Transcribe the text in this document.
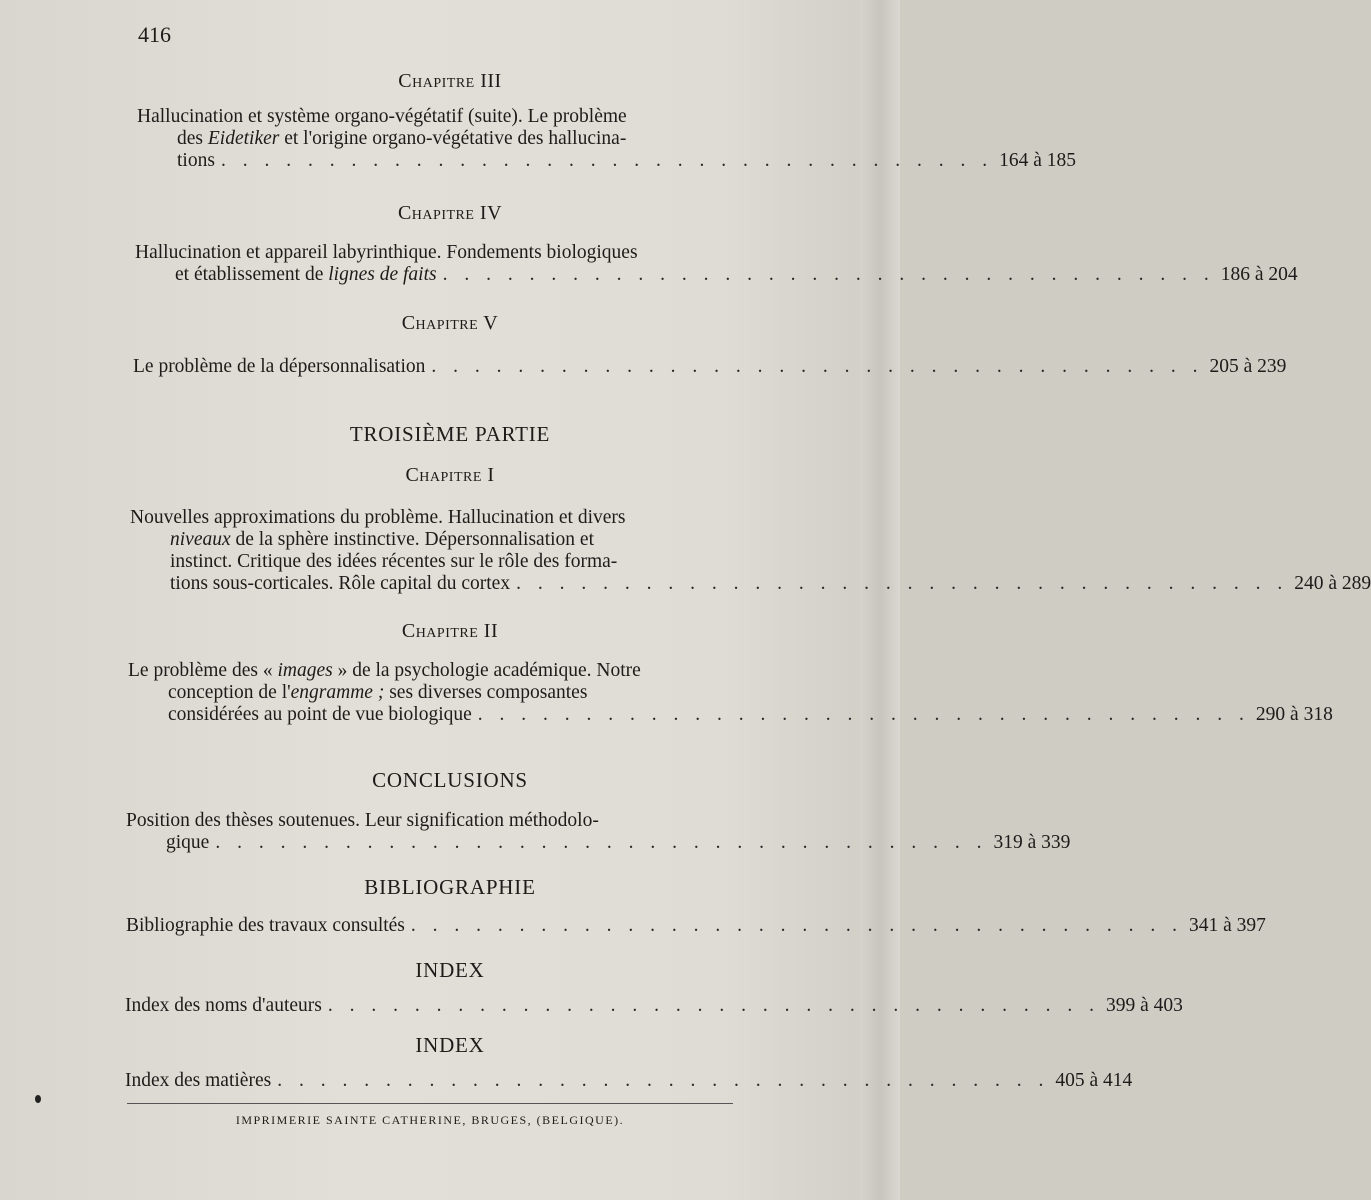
416
Chapitre III
Hallucination et système organo-végétatif (suite). Le problème
des Eidetiker et l'origine organo-végétative des hallucina-
tions . . . . . . . . . . . . . . . . . . . . . . . . . . . . . . . . . . . . 164 à 185
Chapitre IV
Hallucination et appareil labyrinthique. Fondements biologiques
et établissement de lignes de faits . . . . . . . . . . . . . . . . . . . . . . . . . . . . . . . . . . . . 186 à 204
Chapitre V
Le problème de la dépersonnalisation . . . . . . . . . . . . . . . . . . . . . . . . . . . . . . . . . . . . 205 à 239
TROISIÈME PARTIE
Chapitre I
Nouvelles approximations du problème. Hallucination et divers
niveaux de la sphère instinctive. Dépersonnalisation et
instinct. Critique des idées récentes sur le rôle des forma-
tions sous-corticales. Rôle capital du cortex . . . . . . . . . . . . . . . . . . . . . . . . . . . . . . . . . . . . 240 à 289
Chapitre II
Le problème des « images » de la psychologie académique. Notre
conception de l'engramme ; ses diverses composantes
considérées au point de vue biologique . . . . . . . . . . . . . . . . . . . . . . . . . . . . . . . . . . . . 290 à 318
CONCLUSIONS
Position des thèses soutenues. Leur signification méthodolo-
gique . . . . . . . . . . . . . . . . . . . . . . . . . . . . . . . . . . . . 319 à 339
BIBLIOGRAPHIE
Bibliographie des travaux consultés . . . . . . . . . . . . . . . . . . . . . . . . . . . . . . . . . . . . 341 à 397
INDEX
Index des noms d'auteurs . . . . . . . . . . . . . . . . . . . . . . . . . . . . . . . . . . . . 399 à 403
INDEX
Index des matières . . . . . . . . . . . . . . . . . . . . . . . . . . . . . . . . . . . . 405 à 414
IMPRIMERIE SAINTE CATHERINE, BRUGES, (BELGIQUE).
